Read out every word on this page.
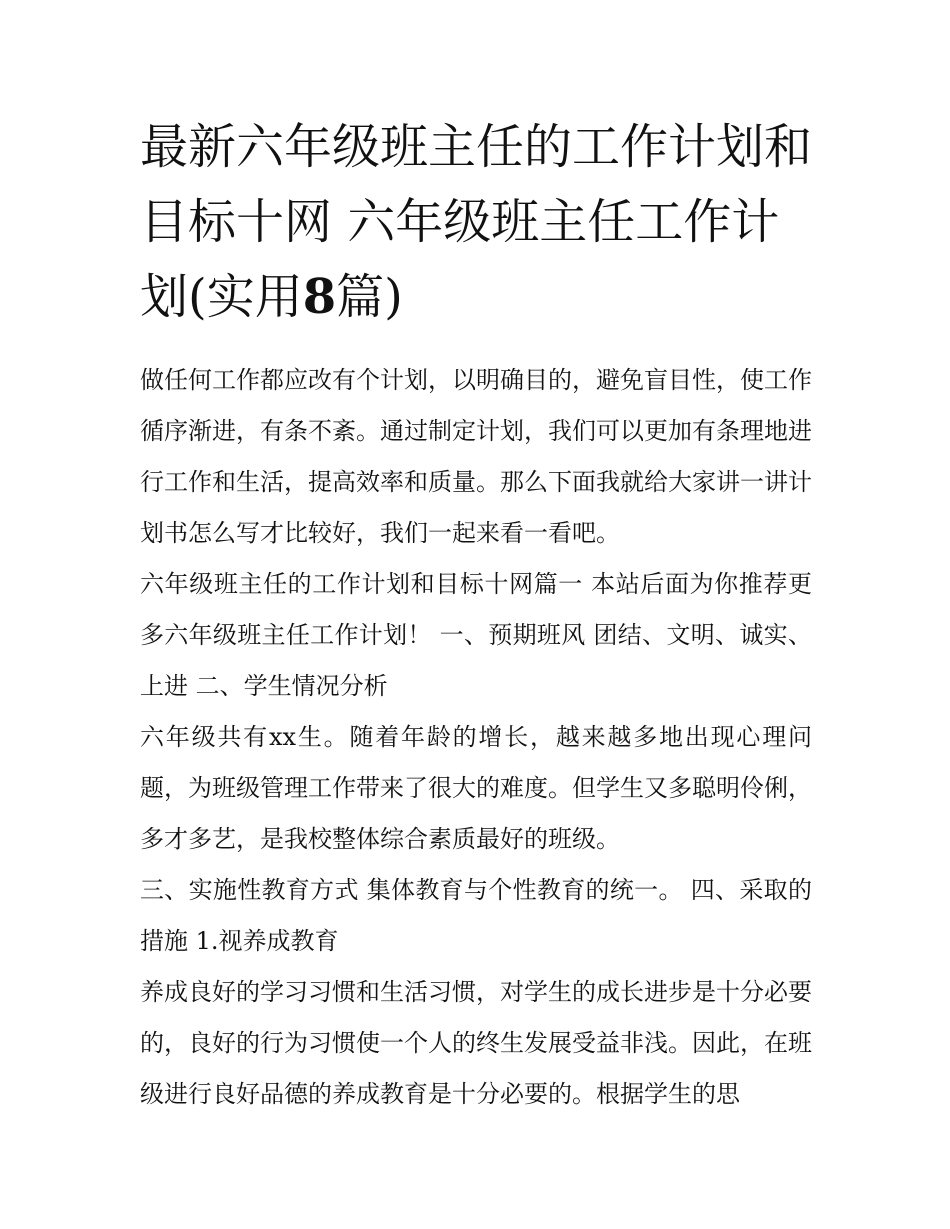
最新六年级班主任的工作计划和目标十网 六年级班主任工作计划(实用8篇)

做任何工作都应改有个计划，以明确目的，避免盲目性，使工作循序渐进，有条不紊。通过制定计划，我们可以更加有条理地进行工作和生活，提高效率和质量。那么下面我就给大家讲一讲计划书怎么写才比较好，我们一起来看一看吧。

六年级班主任的工作计划和目标十网篇一 本站后面为你推荐更多六年级班主任工作计划！ 一、预期班风 团结、文明、诚实、上进 二、学生情况分析

六年级共有xx生。随着年龄的增长，越来越多地出现心理问题，为班级管理工作带来了很大的难度。但学生又多聪明伶俐，多才多艺，是我校整体综合素质最好的班级。

三、实施性教育方式 集体教育与个性教育的统一。 四、采取的措施 1.视养成教育

养成良好的学习习惯和生活习惯，对学生的成长进步是十分必要的，良好的行为习惯使一个人的终生发展受益非浅。因此，在班级进行良好品德的养成教育是十分必要的。根据学生的思
